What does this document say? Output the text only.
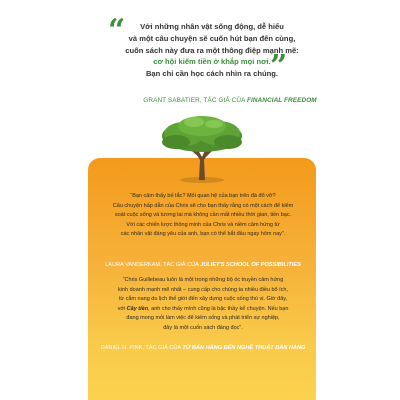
“	Với những nhân vật sống động, dễ hiểu
và một câu chuyện sẽ cuốn hút bạn đến cùng,
cuốn sách này đưa ra một thông điệp mạnh mẽ:
cơ hội kiếm tiền ở khắp mọi nơi.
Bạn chỉ cần học cách nhìn ra chúng.
”
GRANT SABATIER, TÁC GIẢ CỦA FINANCIAL FREEDOM
“Bạn cảm thấy bế tắc? Mối quan hệ của bạn trên đà đổ vỡ?
Câu chuyện hấp dẫn của Chris sẽ cho bạn thấy rằng có một cách để kiểm
soát cuộc sống và tương lai mà không cần mất nhiều thời gian, tiền bạc.
Với các chiến lược thông minh của Chris và niềm cảm hứng từ
các nhân vật đáng yêu của anh, bạn có thể bắt đầu ngay hôm nay”.
LAURA VANDERKAM, TÁC GIẢ CỦA JULIET'S SCHOOL OF POSSIBILITIES
“Chris Guillebeau luôn là một trong những bộ óc truyền cảm hứng
kinh doanh mạnh mẽ nhất – cung cấp cho chúng ta nhiều điều bổ ích,
từ cắm nang du lịch thế giới đến xây dựng cuộc sống thú vị. Giờ đây,
với Cây tiền, anh cho thấy mình cũng là bậc thầy kể chuyện. Nếu bạn
đang mong mỏi làm việc để kiếm sống và phát triển sự nghiệp,
đây là một cuốn sách đáng đọc”.
DANIEL H. PINK, TÁC GIẢ CỦA TỪ BÁN HÀNG ĐẾN NGHỆ THUẬT BÁN HÀNG
